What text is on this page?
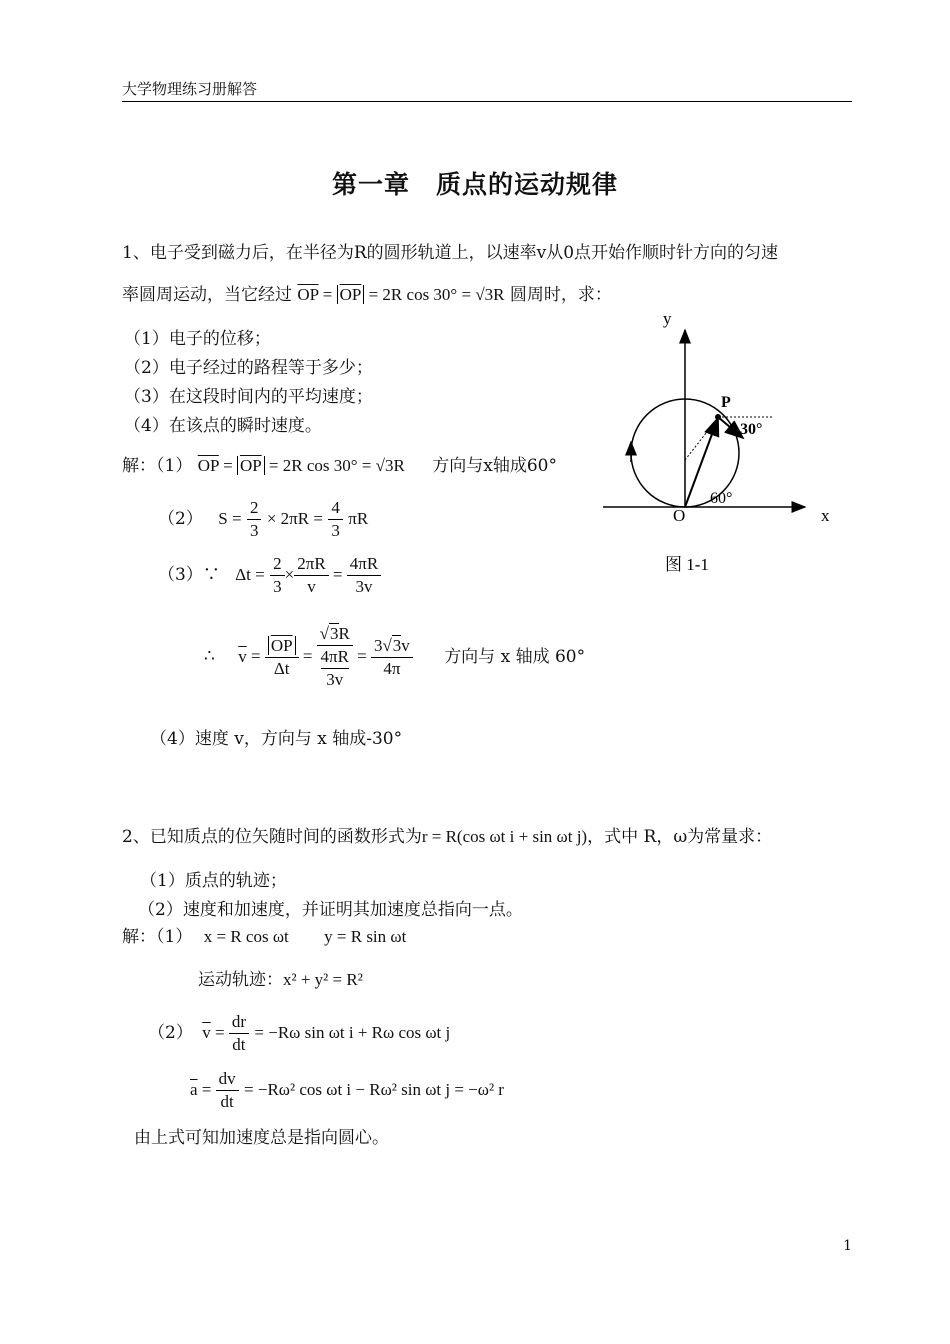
大学物理练习册解答
第一章　质点的运动规律
1、电子受到磁力后，在半径为R的圆形轨道上，以速率v从0点开始作顺时针方向的匀速
率圆周运动，当它经过 $\overline{OP} = \overline{OP} = 2R$ cos 30° = √3R 圆周时，求：
（1）电子的位移；
（2）电子经过的路程等于多少；
（3）在这段时间内的平均速度；
（4）在该点的瞬时速度。
解：（1） $\overline{OP} = \overline{OP} = 2R$ cos 30° = √3R 方向与x轴成60°
（2） $S = \frac{2}{3} \times 2\pi R = \frac{4}{3}$ πR
（3）∵ $\Delta t = \frac{2}{3} \times \frac{2\pi R}{v} = \frac{4\pi R}{3v}$
∴ $\overline{v} = \frac{\overline{OP}}{\Delta t}$ =
√3R
4πR
3v
= $\frac{3√3v}{4\pi}$ 方向与 x 轴成 60°
（4）速度 v，方向与 x 轴成-30°
y
x
O
P
30°
60°
图 1-1
2、已知质点的位矢随时间的函数形式为r = R(cos ωt i + sin ωt j)，式中 R，ω为常量求：
（1）质点的轨迹；
（2）速度和加速度，并证明其加速度总指向一点。
解：（1） x = R cos ωt y = R sin ωt
运动轨迹：x² + y² = R²
（2） $\overline{v} = \frac{dr}{dt} = -R\omega$ sin ωt i + Rω cos ωt j
$\overline{a} = \frac{dv}{dt} = -R\omega^2$ cos ωt i − Rω² sin ωt j = −ω² r
由上式可知加速度总是指向圆心。
1
